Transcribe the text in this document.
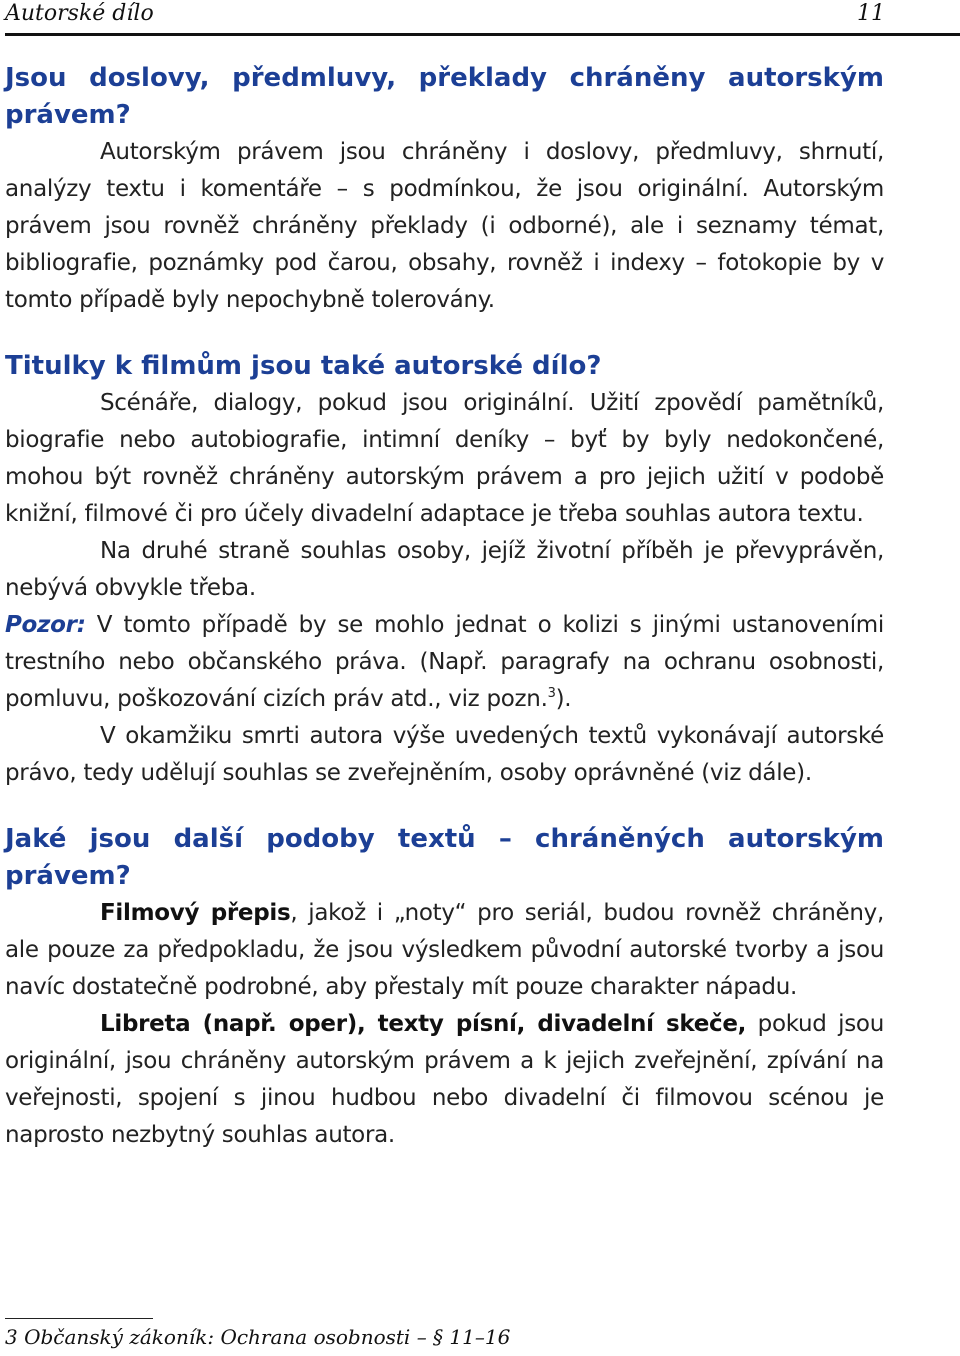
Autorské dílo	11
Jsou doslovy, předmluvy, překlady chráněny autorským právem?

Autorským právem jsou chráněny i doslovy, předmluvy, shrnutí, analýzy textu i komentáře – s podmínkou, že jsou originální. Autorským právem jsou rovněž chráněny překlady (i odborné), ale i seznamy témat, bibliografie, poznámky pod čarou, obsahy, rovněž i indexy – fotokopie by v tomto případě byly nepochybně tolerovány.

Titulky k filmům jsou také autorské dílo?

Scénáře, dialogy, pokud jsou originální. Užití zpovědí pamětníků, biografie nebo autobiografie, intimní deníky – byť by byly nedokončené, mohou být rovněž chráněny autorským právem a pro jejich užití v podobě knižní, filmové či pro účely divadelní adaptace je třeba souhlas autora textu.

Na druhé straně souhlas osoby, jejíž životní příběh je převyprávěn, nebývá obvykle třeba.

Pozor: V tomto případě by se mohlo jednat o kolizi s jinými ustanoveními trestního nebo občanského práva. (Např. paragrafy na ochranu osobnosti, pomluvu, poškozování cizích práv atd., viz pozn.$^3$).

V okamžiku smrti autora výše uvedených textů vykonávají autorské právo, tedy udělují souhlas se zveřejněním, osoby oprávněné (viz dále).

Jaké jsou další podoby textů – chráněných autorským právem?

Filmový přepis, jakož i „noty“ pro seriál, budou rovněž chráněny, ale pouze za předpokladu, že jsou výsledkem původní autorské tvorby a jsou navíc dostatečně podrobné, aby přestaly mít pouze charakter nápadu.

Libreta (např. oper), texty písní, divadelní skeče, pokud jsou originální, jsou chráněny autorským právem a k jejich zveřejnění, zpívání na veřejnosti, spojení s jinou hudbou nebo divadelní či filmovou scénou je naprosto nezbytný souhlas autora.

3 Občanský zákoník: Ochrana osobnosti – § 11–16
